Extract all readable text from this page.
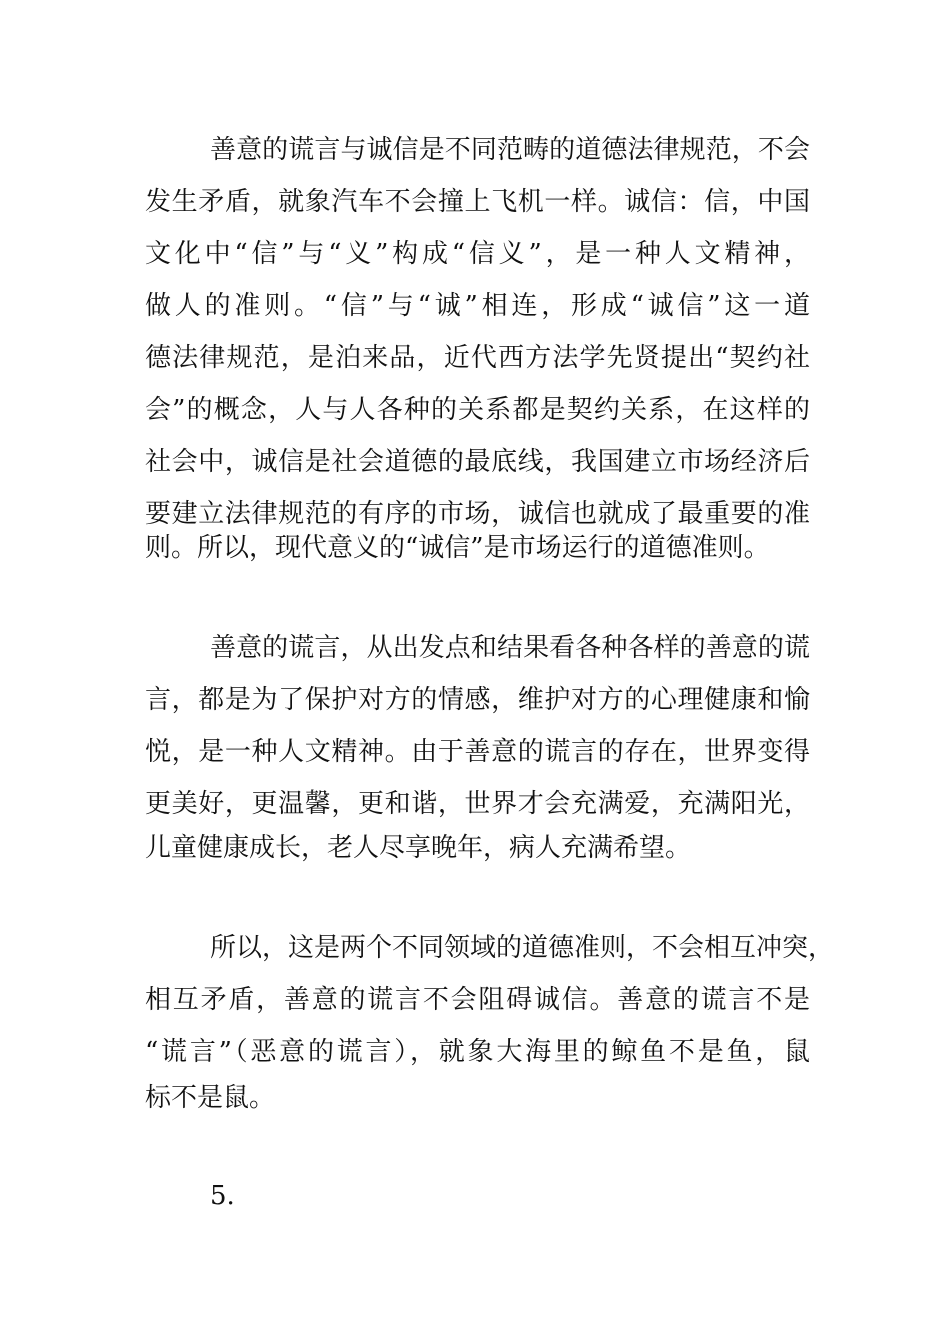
善意的谎言与诚信是不同范畴的道德法律规范，不会
发生矛盾，就象汽车不会撞上飞机一样。诚信：信，中国
文化中“信”与“义”构成“信义”，是一种人文精神，
做人的准则。“信”与“诚”相连，形成“诚信”这一道
德法律规范，是泊来品，近代西方法学先贤提出“契约社
会”的概念，人与人各种的关系都是契约关系，在这样的
社会中，诚信是社会道德的最底线，我国建立市场经济后
要建立法律规范的有序的市场，诚信也就成了最重要的准
则。所以，现代意义的“诚信”是市场运行的道德准则。
善意的谎言，从出发点和结果看各种各样的善意的谎
言，都是为了保护对方的情感，维护对方的心理健康和愉
悦，是一种人文精神。由于善意的谎言的存在，世界变得
更美好，更温馨，更和谐，世界才会充满爱，充满阳光，
儿童健康成长，老人尽享晚年，病人充满希望。
所以，这是两个不同领域的道德准则，不会相互冲突，
相互矛盾，善意的谎言不会阻碍诚信。善意的谎言不是
“谎言”（恶意的谎言），就象大海里的鲸鱼不是鱼，鼠
标不是鼠。
5.
